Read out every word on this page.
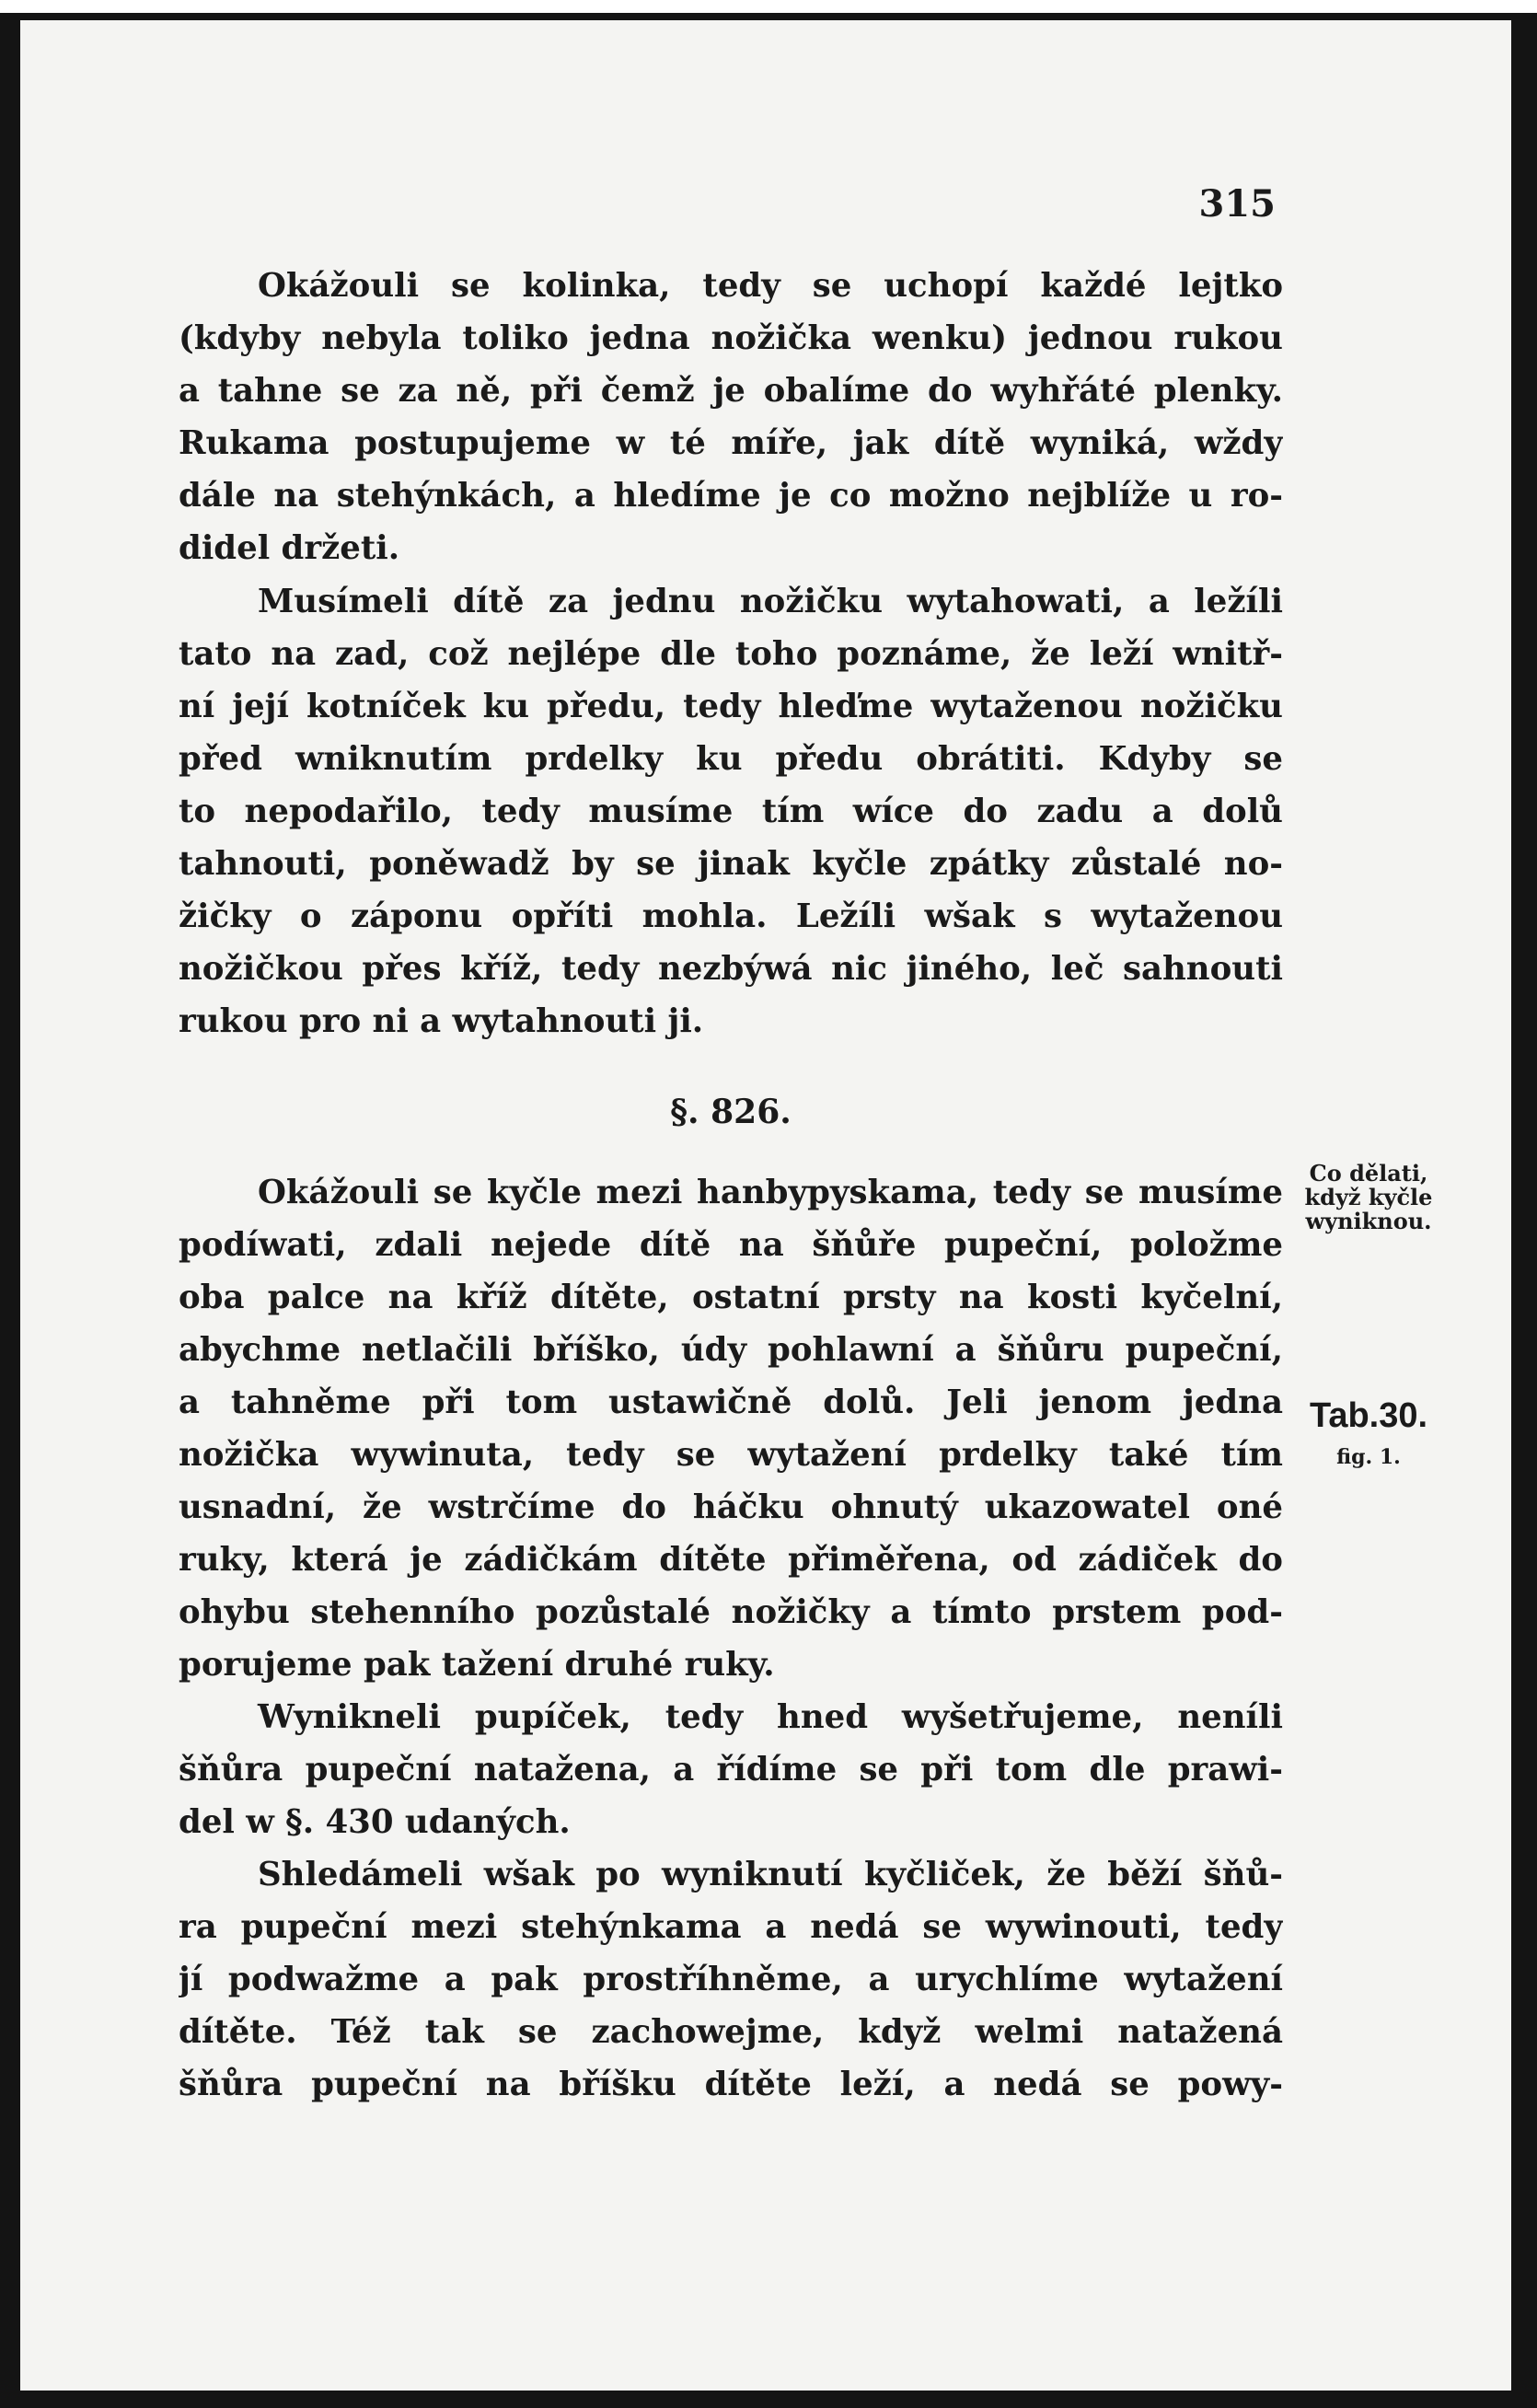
315
Okážouli se kolinka, tedy se uchopí každé lejtko
(kdyby nebyla toliko jedna nožička wenku) jednou rukou
a tahne se za ně, při čemž je obalíme do wyhřáté plenky.
Rukama postupujeme w té míře, jak dítě wyniká, wždy
dále na stehýnkách, a hledíme je co možno nejblíže u ro-
didel držeti.
Musímeli dítě za jednu nožičku wytahowati, a ležíli
tato na zad, což nejlépe dle toho poznáme, že leží wnitř-
ní její kotníček ku předu, tedy hleďme wytaženou nožičku
před wniknutím prdelky ku předu obrátiti. Kdyby se
to nepodařilo, tedy musíme tím wíce do zadu a dolů
tahnouti, poněwadž by se jinak kyčle zpátky zůstalé no-
žičky o záponu opříti mohla. Ležíli wšak s wytaženou
nožičkou přes kříž, tedy nezbýwá nic jiného, leč sahnouti
rukou pro ni a wytahnouti ji.
§. 826.
Okážouli se kyčle mezi hanbypyskama, tedy se musíme
podíwati, zdali nejede dítě na šňůře pupeční, položme
oba palce na kříž dítěte, ostatní prsty na kosti kyčelní,
abychme netlačili bříško, údy pohlawní a šňůru pupeční,
a tahněme při tom ustawičně dolů. Jeli jenom jedna
nožička wywinuta, tedy se wytažení prdelky také tím
usnadní, že wstrčíme do háčku ohnutý ukazowatel oné
ruky, která je zádičkám dítěte přiměřena, od zádiček do
ohybu stehenního pozůstalé nožičky a tímto prstem pod-
porujeme pak tažení druhé ruky.
Wynikneli pupíček, tedy hned wyšetřujeme, neníli
šňůra pupeční natažena, a řídíme se při tom dle prawi-
del w §. 430 udaných.
Shledámeli wšak po wyniknutí kyčliček, že běží šňů-
ra pupeční mezi stehýnkama a nedá se wywinouti, tedy
jí podwažme a pak prostříhněme, a urychlíme wytažení
dítěte. Též tak se zachowejme, když welmi natažená
šňůra pupeční na bříšku dítěte leží, a nedá se powy-
Co dělati,
když kyčle
wyniknou.
Tab.30.
fig. 1.
